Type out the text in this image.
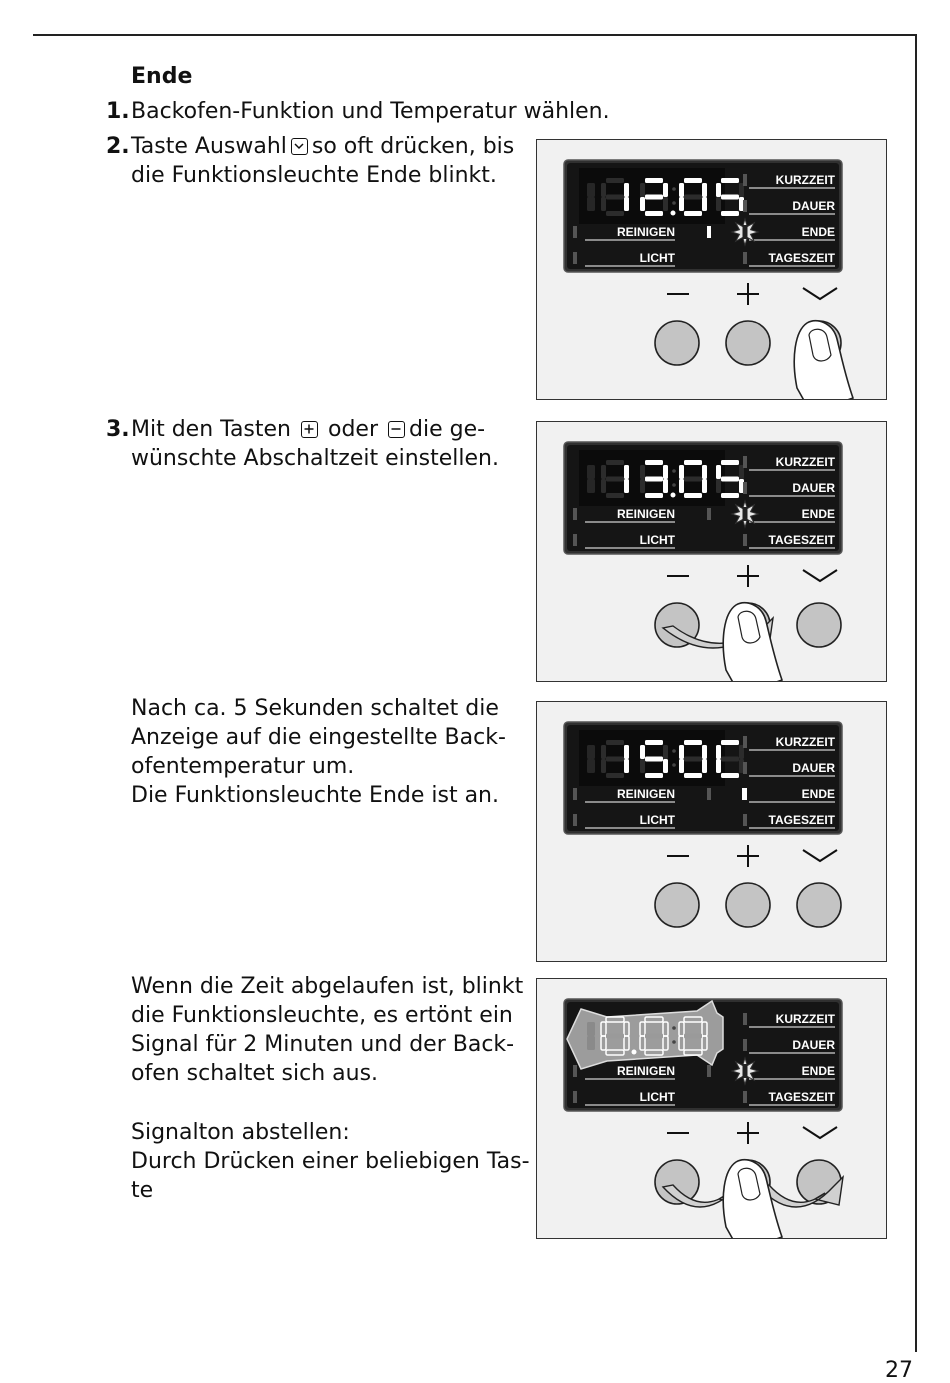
Ende
1. Backofen-Funktion und Temperatur wählen.
2. Taste Auswahl so oft drücken, bis
die Funktionsleuchte Ende blinkt.
3. Mit den Tasten oder die ge-
wünschte Abschaltzeit einstellen.
Nach ca. 5 Sekunden schaltet die
Anzeige auf die eingestellte Back-
ofentemperatur um.
Die Funktionsleuchte Ende ist an.
Wenn die Zeit abgelaufen ist, blinkt
die Funktionsleuchte, es ertönt ein
Signal für 2 Minuten und der Back-
ofen schaltet sich aus.
Signalton abstellen:
Durch Drücken einer beliebigen Tas-
te
KURZZEIT
DAUER
ENDE
TAGESZEIT
REINIGEN
LICHT
KURZZEIT
DAUER
ENDE
TAGESZEIT
REINIGEN
LICHT
KURZZEIT
DAUER
ENDE
TAGESZEIT
REINIGEN
LICHT
KURZZEIT
DAUER
ENDE
TAGESZEIT
REINIGEN
LICHT
27
